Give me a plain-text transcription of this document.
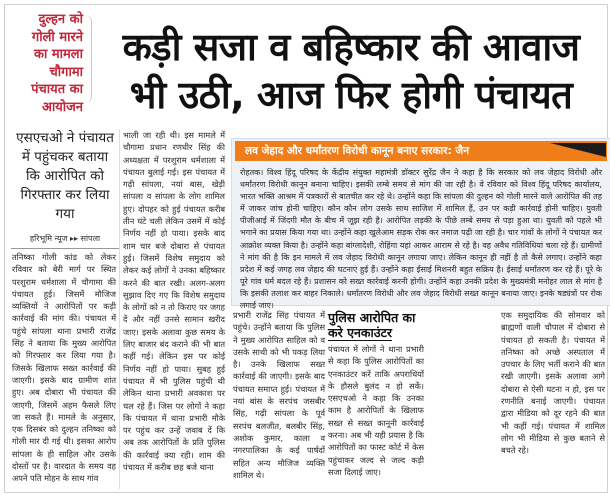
दुल्हन को
गोली मारने
का मामला
चौगामा
पंचायत का
आयोजन
कड़ी सजा व बहिष्कार की आवाज
भी उठी, आज फिर होगी पंचायत
एसएचओ ने पंचायत में पहुंचकर बताया कि आरोपित को गिरफ्तार कर लिया गया
हरिभूमि न्यूज ▸▸ सांपला
तनिष्का गोली कांड को लेकर रविवार को बेरी मार्ग पर स्थित परशुराम धर्मशाला में चौगामा की पंचायत हुई। जिसमें मौजिज व्यक्तियों ने आरोपितों पर कड़ी कार्रवाई की मांग की। पंचायत में पहुंचे सांपला थाना प्रभारी राजेंद्र सिंह ने बताया कि मुख्य आरोपित को गिरफ्तार कर लिया गया है। जिसके खिलाफ सख्त कार्रवाई की जाएगी। इसके बाद ग्रामीण शांत हुए। अब दोबारा भी पंचायत की जाएगी, जिसमें अहम फैसले लिए जा सकते हैं। मामले के अनुसार, एक दिसबंर को दुल्हन तनिष्का को गोली मार दी गई थी। इसका आरोप सांपला के ही साहिल और उसके दोस्तों पर है। वारदात के समय वह अपने पति मोहन के साथ गांव
भाली जा रही थी। इस मामले में चौगामा प्रधान रणधीर सिंह की अध्यक्षता में परशुराम धर्मशाला में पंचायत बुलाई गई। इस पंचायत में गढ़ी सांपला, नयां बास, खेड़ी सांपला व सांपला के लोग शामिल हुए। दोपहर को हुई पंचायत करीब तीन घंटे चली लेकिन उसमें में कोई निर्णय नहीं हो पाया। इसके बाद शाम चार बजे दोबारा से पंचायत हुई। जिसमें विशेष समुदाय को लेकर कई लोगों ने उनका बहिष्कार करने की बात रखी। अलग-अलग सुझाव दिए गए कि विशेष समुदाय के लोगों को न तो किराए पर जगह दें और नहीं उनसे सामान खरीद जाए। इसके अलावा कुछ समय के लिए बाजार बंद कराने की भी बात कहीं गई। लेकिन इस पर कोई निर्णय नहीं हो पाया। सुबह हुई पंचायत में भी पुलिस पहुंची थी लेकिन थाना प्रभारी अवकाश पर चल रहे हैं। जिस पर लोगों ने कहा कि पंचायत में थाना प्रभारी मौके पर पहुंच कर उन्हें जवाब दें कि अब तक आरोपितों के प्रति पुलिस की कार्रवाई क्या रही। शाम की पंचायत में करीब छह बजे थाना
लव जेहाद और धर्मांतरण विरोधी कानून बनाए सरकार: जैन
रोहतक। विश्व हिंदू परिषद के केंद्रीय संयुक्त महामंत्री डॉक्टर सुरेंद्र जैन ने कहा है कि सरकार को लव जेहाद विरोधी और धर्मांतरण विरोधी कानून बनाना चाहिए। इसकी लम्बे समय से मांग की जा रही है। वे रविवार को विश्व हिंदू परिषद कार्यालय, भारत भक्ति आश्रम में पत्रकारों से बातचीत कर रहे थे। उन्होंने कहा कि सांपला की दुल्हन को गोली मारने वाले आरोपित की तह में जाकर जांच होनी चाहिए। कौन कौन लोग उसके साथ साजिश में शामिल हैं, उन पर कड़ी कार्रवाई होनी चाहिए। युवती पीजीआई में जिंदगी मौत के बीच में जूझ रही है। आरोपित लड़की के पीछे लम्बे समय से पड़ा हुआ था। युवती को पहले भी भगाने का प्रयास किया गया था। उन्होंने कहा खुलेआम सड़क रोक कर नमाज पढ़ी जा रही है। चार गांवों के लोगों ने पंचायत कर आक्रोश व्यक्त किया है। उन्होंने कहा बांग्लादेशी, रोहिंगा यहां आकर आराम से रहे है। वह अवैध गतिविधियां चला रहे हैं। ग्रामीणों ने मांग की है कि इन मामले में लव जेहाद विरोधी कानून लगाया जाए। लेकिन कानून ही नहीं है तो कैसे लगाए। उन्होंने कहा प्रदेश में कई जगह लव जेहाद की घटनाएं हुई हैं। उन्होंने कहा ईसाई मिशनरी बहुत सक्रिय है। ईसाई धर्मांतरण कर रहे हैं। पूरे के पूरे गांव धर्म बदल रहे हैं। प्रशासन को सख्त कार्रवाई करनी होगी। उन्होंने कहा उनकी प्रदेश के मुख्यमंत्री मनोहर लाल से मांग है कि इसकी तलाश कर बाहर निकाले। धर्मांतरण विरोधी और लव जेहाद विरोधी सख्त कानून बनाया जाए। इनके षड्यंत्रों पर रोक लगाई जाए।
प्रभारी राजेंद्र सिंह पंचायत में पहुंचे। उन्होंने बताया कि पुलिस ने मुख्य आरोपित साहिल को व उसके साथी को भी पकड़ लिया है। उनके खिलाफ सख्त कार्रवाई की जाएगी। इसके बाद पंचायत समाप्त हुई। पंचायत में नयां बांस के सरपंच जसबीर सिंह, गढ़ी सांपला के पूर्व सरपंच बलजीत, बलबीर सिंह, अशोक कुमार, काला व नगरपालिका के कई पार्षदों सहित अन्य मौजिज व्यक्ति शामिल थे।
पुलिस आरोपित का
करे एनकाउंटर
पंचायत में लोगों ने थाना प्रभारी से कहा कि पुलिस आरोपितों का एनकाउंटर करें ताकि अपराधियों के हौसले बुलंद न हो सकें। एसएचओ ने कहा कि उनका काम है आरोपितों के खिलाफ सख्त से सख्त कानूनी कार्रवाई करना। अब भी यही प्रयास है कि आरोपितों का फास्ट कोर्ट में केस पहुंचाकर जल्द से जल्द कड़ी सजा दिलाई जाए।
एक समुदायिक की सोमवार को ब्राह्मणों वाली चौपाल में दोबारा से पंचायत हो सकती है। पंचायत में तनिष्का को अच्छे अस्पताल में उपचार के लिए भर्ती कराने की बात रखी जाएगी। इसके अलावा आगे दोबारा से ऐसी घटना न हो, इस पर रणनीति बनाई जाएगी। पंचायत द्वारा मीडिया को दूर रहने की बात भी कहीं गई। पंचायत में शामिल लोग भी मीडिया से कुछ बताने से बचते रहे।
